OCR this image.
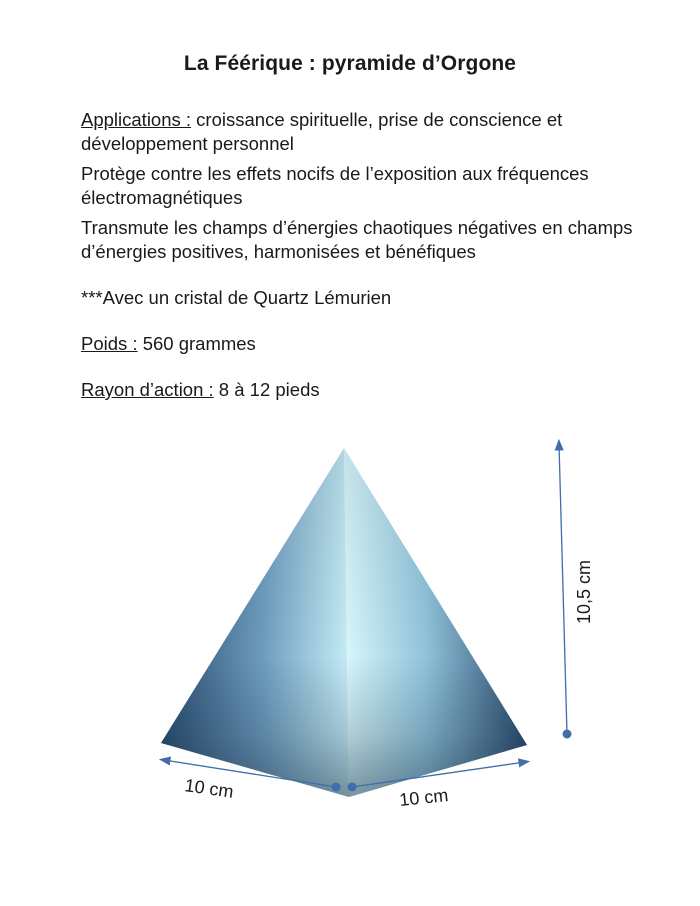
La Féérique : pyramide d’Orgone

Applications : croissance spirituelle, prise de conscience et développement personnel

Protège contre les effets nocifs de l’exposition aux fréquences électromagnétiques

Transmute les champs d’énergies chaotiques négatives en champs d’énergies positives, harmonisées et bénéfiques

***Avec un cristal de Quartz Lémurien

Poids : 560 grammes

Rayon d’action : 8 à 12 pieds

10,5 cm
10 cm	10 cm
